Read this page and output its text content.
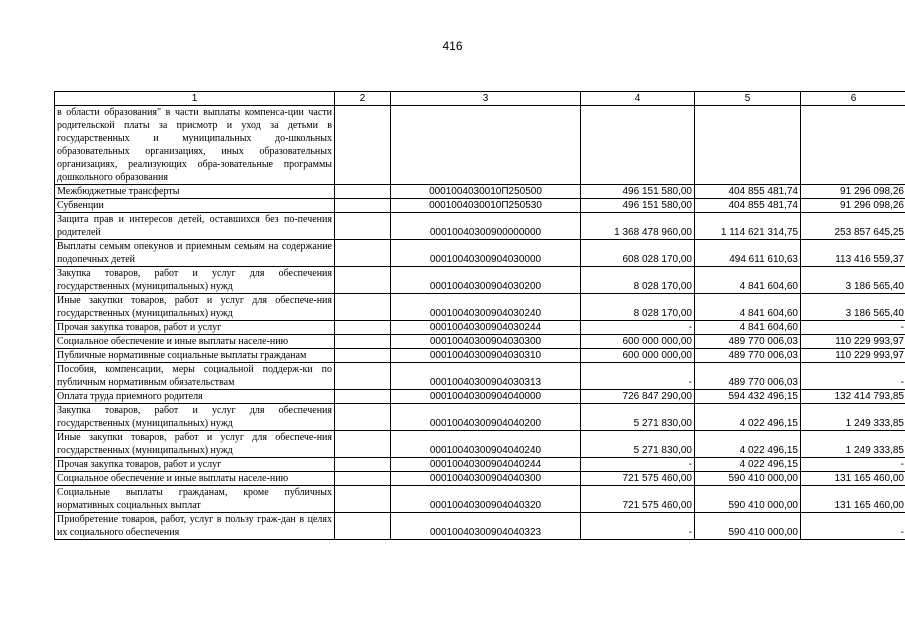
416
1	2	3	4	5	6
в области образования" в части выплаты компенса-ции части родительской платы за присмотр и уход за детьми в государственных и муниципальных до-школьных образовательных организациях, иных образовательных организациях, реализующих обра-зовательные программы дошкольного образования					
Межбюджетные трансферты		0001004030010П250500	496 151 580,00	404 855 481,74	91 296 098,26
Субвенции		0001004030010П250530	496 151 580,00	404 855 481,74	91 296 098,26
Защита прав и интересов детей, оставшихся без по-печения родителей		00010040300900000000	1 368 478 960,00	1 114 621 314,75	253 857 645,25
Выплаты семьям опекунов и приемным семьям на содержание подопечных детей		00010040300904030000	608 028 170,00	494 611 610,63	113 416 559,37
Закупка товаров, работ и услуг для обеспечения государственных (муниципальных) нужд		00010040300904030200	8 028 170,00	4 841 604,60	3 186 565,40
Иные закупки товаров, работ и услуг для обеспече-ния государственных (муниципальных) нужд		00010040300904030240	8 028 170,00	4 841 604,60	3 186 565,40
Прочая закупка товаров, работ и услуг		00010040300904030244	-	4 841 604,60	-
Социальное обеспечение и иные выплаты населе-нию		00010040300904030300	600 000 000,00	489 770 006,03	110 229 993,97
Публичные нормативные социальные выплаты гражданам		00010040300904030310	600 000 000,00	489 770 006,03	110 229 993,97
Пособия, компенсации, меры социальной поддерж-ки по публичным нормативным обязательствам		00010040300904030313	-	489 770 006,03	-
Оплата труда приемного родителя		00010040300904040000	726 847 290,00	594 432 496,15	132 414 793,85
Закупка товаров, работ и услуг для обеспечения государственных (муниципальных) нужд		00010040300904040200	5 271 830,00	4 022 496,15	1 249 333,85
Иные закупки товаров, работ и услуг для обеспече-ния государственных (муниципальных) нужд		00010040300904040240	5 271 830,00	4 022 496,15	1 249 333,85
Прочая закупка товаров, работ и услуг		00010040300904040244	-	4 022 496,15	-
Социальное обеспечение и иные выплаты населе-нию		00010040300904040300	721 575 460,00	590 410 000,00	131 165 460,00
Социальные выплаты гражданам, кроме публичных нормативных социальных выплат		00010040300904040320	721 575 460,00	590 410 000,00	131 165 460,00
Приобретение товаров, работ, услуг в пользу граж-дан в целях их социального обеспечения		00010040300904040323	-	590 410 000,00	-
